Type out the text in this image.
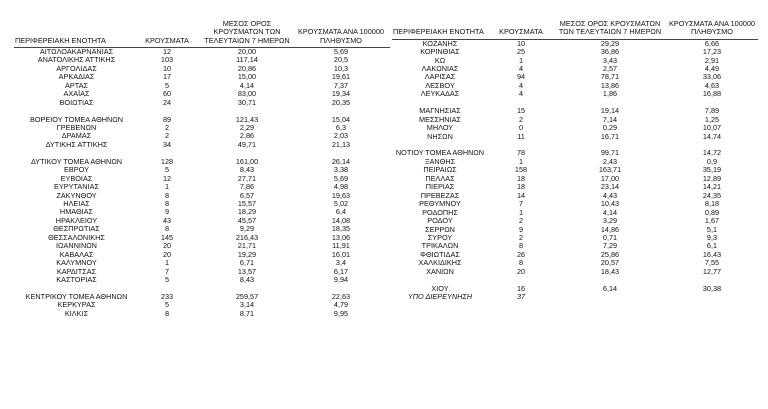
ΠΕΡΙΦΕΡΕΙΑΚΗ ΕΝΟΤΗΤΑ	ΚΡΟΥΣΜΑΤΑ	ΜΕΣΟΣ ΟΡΟΣ ΚΡΟΥΣΜΑΤΩΝ ΤΩΝ ΤΕΛΕΥΤΑΙΩΝ 7 ΗΜΕΡΩΝ	ΚΡΟΥΣΜΑΤΑ ΑΝΑ 100000 ΠΛΗΘΥΣΜΟ
ΑΙΤΩΛΟΑΚΑΡΝΑΝΙΑΣ	12	20,00	5,69
ΑΝΑΤΟΛΙΚΗΣ ΑΤΤΙΚΗΣ	103	117,14	20,5
ΑΡΓΟΛΙΔΑΣ	10	20,86	10,3
ΑΡΚΑΔΙΑΣ	17	15,00	19,61
ΑΡΤΑΣ	5	4,14	7,37
ΑΧΑΪΑΣ	60	83,00	19,34
ΒΟΙΩΤΙΑΣ	24	30,71	20,35

ΒΟΡΕΙΟΥ ΤΟΜΕΑ ΑΘΗΝΩΝ	89	121,43	15,04
ΓΡΕΒΕΝΩΝ	2	2,29	6,3
ΔΡΑΜΑΣ	2	2,86	2,03
ΔΥΤΙΚΗΣ ΑΤΤΙΚΗΣ	34	49,71	21,13

ΔΥΤΙΚΟΥ ΤΟΜΕΑ ΑΘΗΝΩΝ	128	161,00	26,14
ΕΒΡΟΥ	5	8,43	3,38
ΕΥΒΟΙΑΣ	12	27,71	5,69
ΕΥΡΥΤΑΝΙΑΣ	1	7,86	4,98
ΖΑΚΥΝΘΟΥ	8	6,57	19,63
ΗΛΕΙΑΣ	8	15,57	5,02
ΗΜΑΘΙΑΣ	9	18,29	6,4
ΗΡΑΚΛΕΙΟΥ	43	45,57	14,08
ΘΕΣΠΡΩΤΙΑΣ	8	9,29	18,35
ΘΕΣΣΑΛΟΝΙΚΗΣ	145	216,43	13,06
ΙΩΑΝΝΙΝΩΝ	20	21,71	11,91
ΚΑΒΑΛΑΣ	20	19,29	16,01
ΚΑΛΥΜΝΟΥ	1	6,71	3,4
ΚΑΡΔΙΤΣΑΣ	7	13,57	6,17
ΚΑΣΤΟΡΙΑΣ	5	8,43	9,94

ΚΕΝΤΡΙΚΟΥ ΤΟΜΕΑ ΑΘΗΝΩΝ	233	259,57	22,63
ΚΕΡΚΥΡΑΣ	5	3,14	4,79
ΚΙΛΚΙΣ	8	8,71	9,95
ΠΕΡΙΦΕΡΕΙΑΚΗ ΕΝΟΤΗΤΑ	ΚΡΟΥΣΜΑΤΑ	ΜΕΣΟΣ ΟΡΟΣ ΚΡΟΥΣΜΑΤΩΝ ΤΩΝ ΤΕΛΕΥΤΑΙΩΝ 7 ΗΜΕΡΩΝ	ΚΡΟΥΣΜΑΤΑ ΑΝΑ 100000 ΠΛΗΘΥΣΜΟ
ΚΟΖΑΝΗΣ	10	29,29	6,66
ΚΟΡΙΝΘΙΑΣ	25	36,86	17,23
ΚΩ	1	3,43	2,91
ΛΑΚΩΝΙΑΣ	4	2,57	4,49
ΛΑΡΙΣΑΣ	94	78,71	33,06
ΛΕΣΒΟΥ	4	13,86	4,63
ΛΕΥΚΑΔΑΣ	4	1,86	16,88

ΜΑΓΝΗΣΙΑΣ	15	19,14	7,89
ΜΕΣΣΗΝΙΑΣ	2	7,14	1,25
ΜΗΛΟΥ	0	0,29	10,07
ΝΗΣΩΝ	11	16,71	14,74

ΝΟΤΙΟΥ ΤΟΜΕΑ ΑΘΗΝΩΝ	78	99,71	14,72
ΞΑΝΘΗΣ	1	2,43	0,9
ΠΕΙΡΑΙΩΣ	158	163,71	35,19
ΠΕΛΛΑΣ	18	17,00	12,89
ΠΙΕΡΙΑΣ	18	23,14	14,21
ΠΡΕΒΕΖΑΣ	14	4,43	24,35
ΡΕΘΥΜΝΟΥ	7	10,43	8,18
ΡΟΔΟΠΗΣ	1	4,14	0,89
ΡΟΔΟΥ	2	3,29	1,67
ΣΕΡΡΩΝ	9	14,86	5,1
ΣΥΡΟΥ	2	0,71	9,3
ΤΡΙΚΑΛΩΝ	8	7,29	6,1
ΦΘΙΩΤΙΔΑΣ	26	25,86	16,43
ΧΑΛΚΙΔΙΚΗΣ	8	20,57	7,55
ΧΑΝΙΩΝ	20	18,43	12,77

ΧΙΟΥ	16	6,14	30,38
ΥΠΟ ΔΙΕΡΕΥΝΗΣΗ	37		
